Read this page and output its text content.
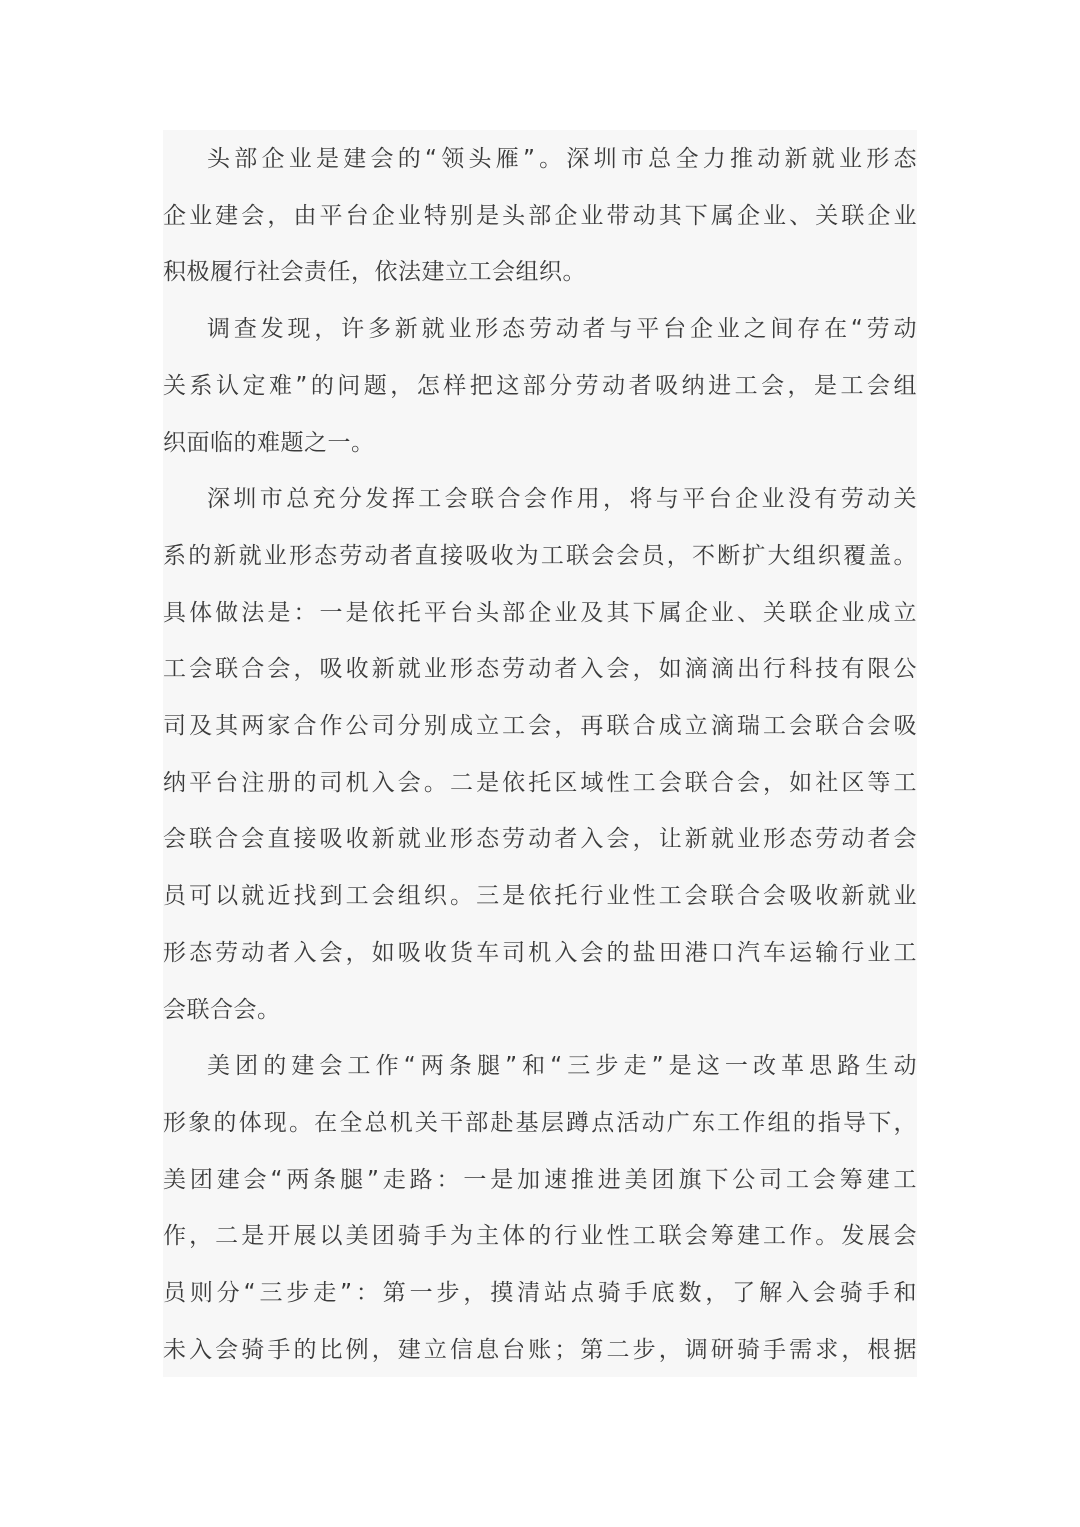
头部企业是建会的“领头雁”。深圳市总全力推动新就业形态
企业建会，由平台企业特别是头部企业带动其下属企业、关联企业
积极履行社会责任，依法建立工会组织。
调查发现，许多新就业形态劳动者与平台企业之间存在“劳动
关系认定难”的问题，怎样把这部分劳动者吸纳进工会，是工会组
织面临的难题之一。
深圳市总充分发挥工会联合会作用，将与平台企业没有劳动关
系的新就业形态劳动者直接吸收为工联会会员，不断扩大组织覆盖。
具体做法是：一是依托平台头部企业及其下属企业、关联企业成立
工会联合会，吸收新就业形态劳动者入会，如滴滴出行科技有限公
司及其两家合作公司分别成立工会，再联合成立滴瑞工会联合会吸
纳平台注册的司机入会。二是依托区域性工会联合会，如社区等工
会联合会直接吸收新就业形态劳动者入会，让新就业形态劳动者会
员可以就近找到工会组织。三是依托行业性工会联合会吸收新就业
形态劳动者入会，如吸收货车司机入会的盐田港口汽车运输行业工
会联合会。
美团的建会工作“两条腿”和“三步走”是这一改革思路生动
形象的体现。在全总机关干部赴基层蹲点活动广东工作组的指导下，
美团建会“两条腿”走路：一是加速推进美团旗下公司工会筹建工
作，二是开展以美团骑手为主体的行业性工联会筹建工作。发展会
员则分“三步走”：第一步，摸清站点骑手底数，了解入会骑手和
未入会骑手的比例，建立信息台账；第二步，调研骑手需求，根据
